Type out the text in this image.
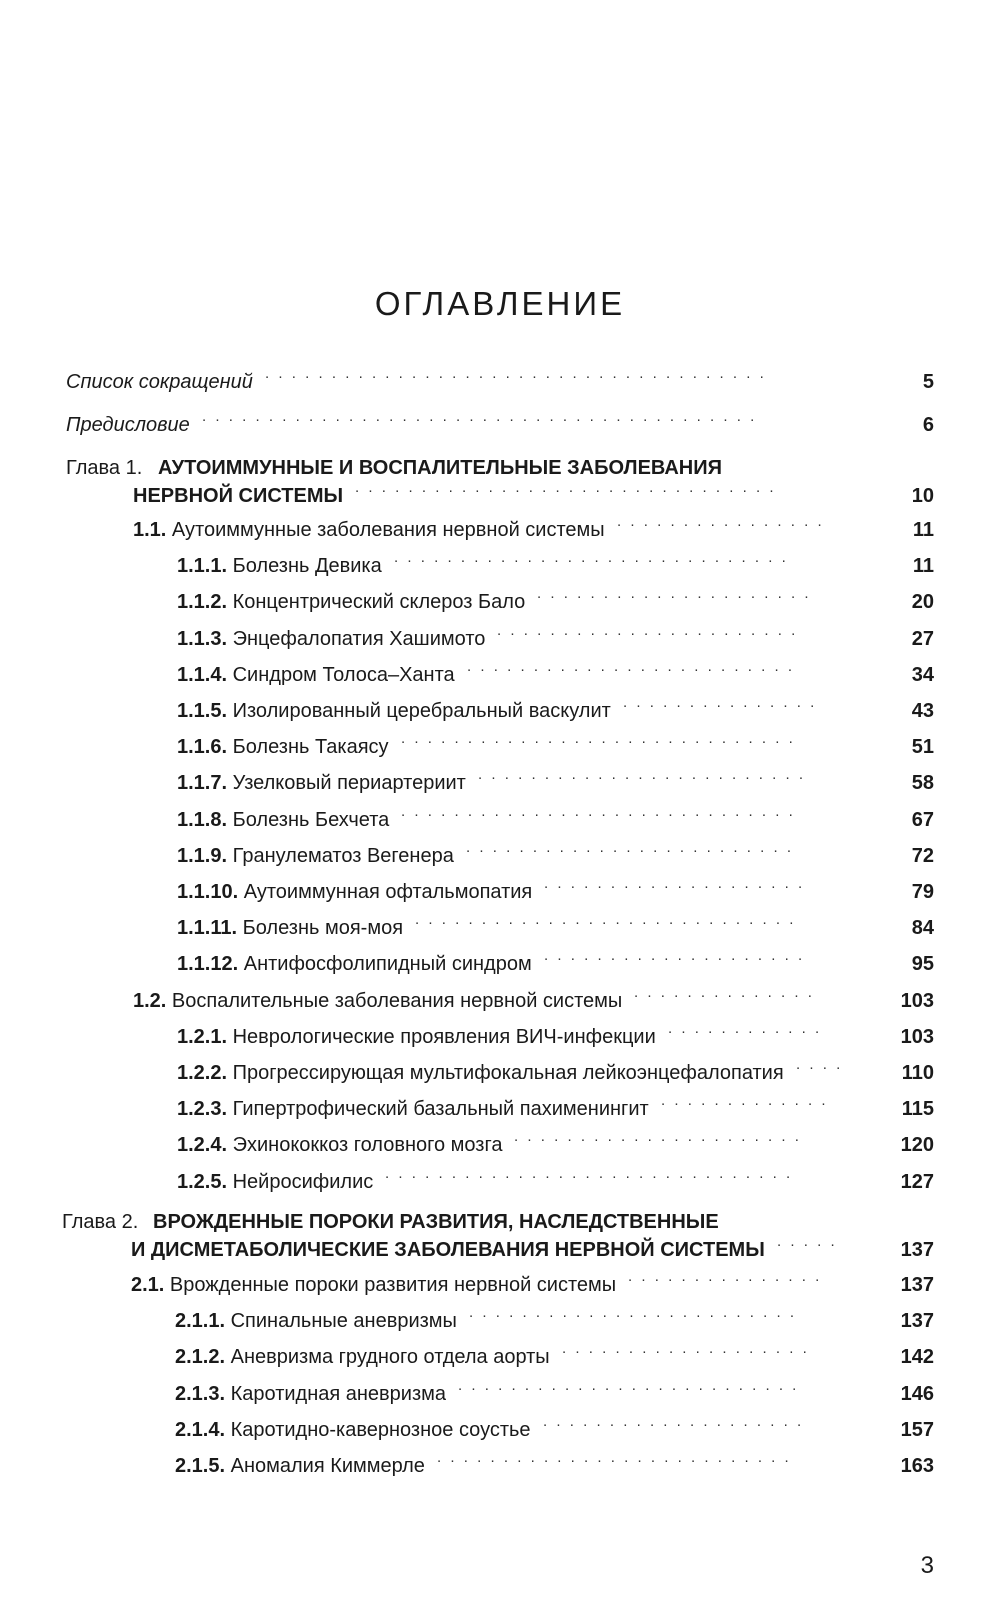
ОГЛАВЛЕНИЕ
Список сокращений ......................................	5
Предисловие ..........................................	6
Глава 1. АУТОИММУННЫЕ И ВОСПАЛИТЕЛЬНЫЕ ЗАБОЛЕВАНИЯ
НЕРВНОЙ СИСТЕМЫ ................................	10
1.1. Аутоиммунные заболевания нервной системы ................	11
1.1.1. Болезнь Девика ..............................	11
1.1.2. Концентрический склероз Бало .....................	20
1.1.3. Энцефалопатия Хашимото .......................	27
1.1.4. Синдром Толоса–Ханта .........................	34
1.1.5. Изолированный церебральный васкулит ...............	43
1.1.6. Болезнь Такаясу ..............................	51
1.1.7. Узелковый периартериит .........................	58
1.1.8. Болезнь Бехчета ..............................	67
1.1.9. Гранулематоз Вегенера .........................	72
1.1.10. Аутоиммунная офтальмопатия ....................	79
1.1.11. Болезнь моя-моя .............................	84
1.1.12. Антифосфолипидный синдром ....................	95
1.2. Воспалительные заболевания нервной системы ..............	103
1.2.1. Неврологические проявления ВИЧ-инфекции ............	103
1.2.2. Прогрессирующая мультифокальная лейкоэнцефалопатия ....	110
1.2.3. Гипертрофический базальный пахименингит .............	115
1.2.4. Эхинококкоз головного мозга ......................	120
1.2.5. Нейросифилис ...............................	127
Глава 2. ВРОЖДЕННЫЕ ПОРОКИ РАЗВИТИЯ, НАСЛЕДСТВЕННЫЕ
И ДИСМЕТАБОЛИЧЕСКИЕ ЗАБОЛЕВАНИЯ НЕРВНОЙ СИСТЕМЫ .....	137
2.1. Врожденные пороки развития нервной системы ...............	137
2.1.1. Спинальные аневризмы .........................	137
2.1.2. Аневризма грудного отдела аорты ...................	142
2.1.3. Каротидная аневризма ..........................	146
2.1.4. Каротидно-кавернозное соустье ....................	157
2.1.5. Аномалия Киммерле ...........................	163
3
